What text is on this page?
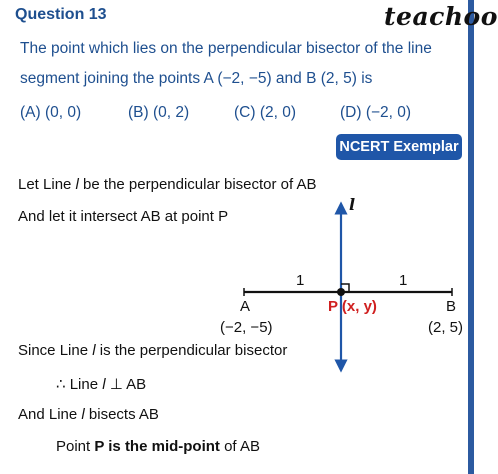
Question 13	teachoo
The point which lies on the perpendicular bisector of the line
segment joining the points A (−2, −5) and B (2, 5) is
(A) (0, 0)	(B) (0, 2)	(C) (2, 0)	(D) (−2, 0)
NCERT Exemplar
Let Line l be the perpendicular bisector of AB
And let it intersect AB at point P
Since Line l is the perpendicular bisector
∴ Line l ⊥ AB
And Line l bisects AB
Point P is the mid-point of AB
l
1	1
A	B
P (x, y)
(−2, −5)	(2, 5)
